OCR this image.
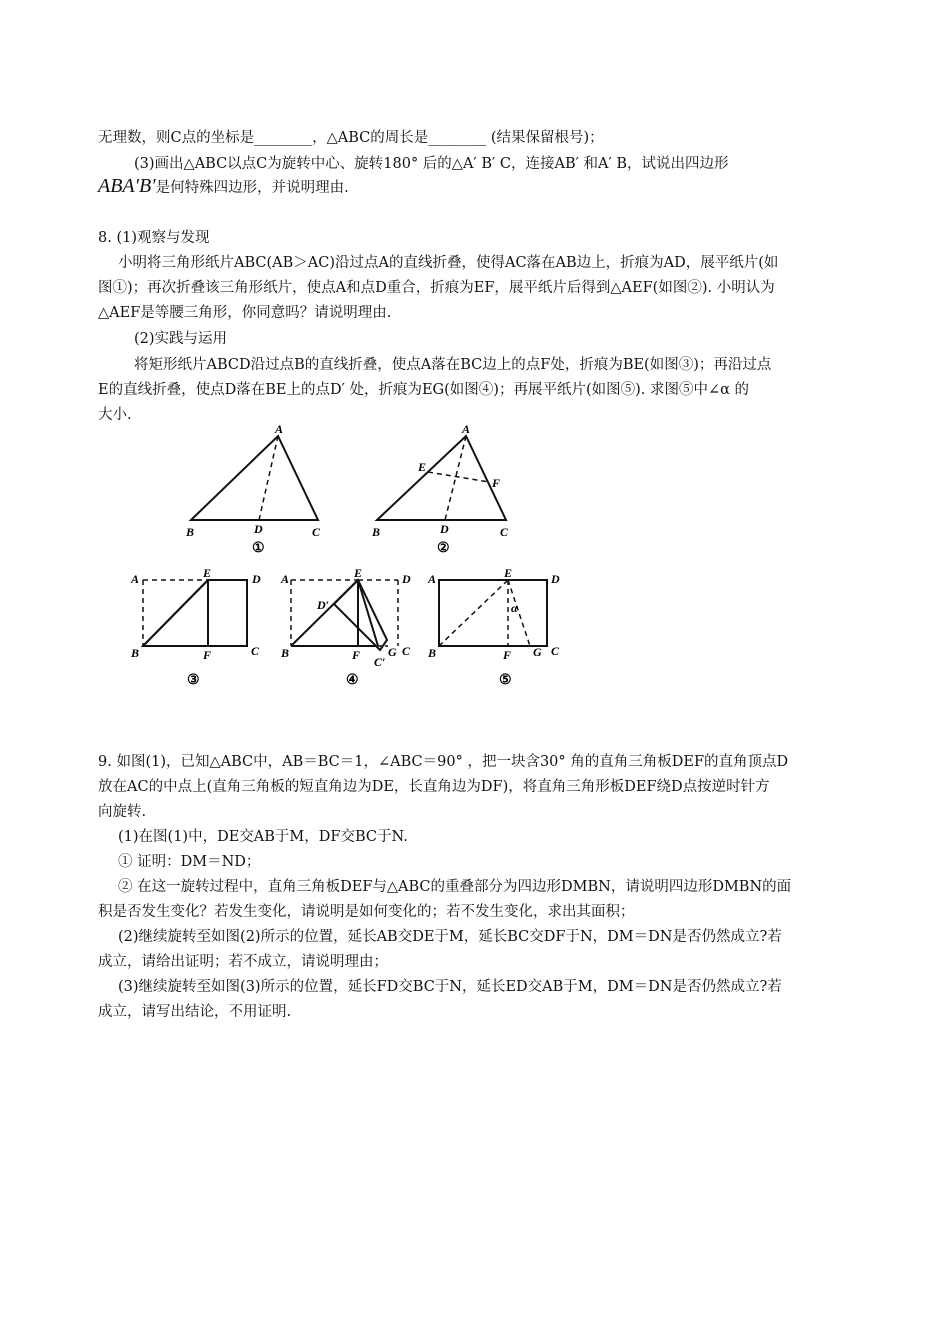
无理数，则C点的坐标是________，△ABC的周长是________ (结果保留根号)；
(3)画出△ABC以点C为旋转中心、旋转180° 后的△A′ B′ C，连接AB′ 和A′ B，试说出四边形
ABA′B′是何特殊四边形，并说明理由.
8. (1)观察与发现
小明将三角形纸片ABC(AB＞AC)沿过点A的直线折叠，使得AC落在AB边上，折痕为AD，展平纸片(如
图①)；再次折叠该三角形纸片，使点A和点D重合，折痕为EF，展平纸片后得到△AEF(如图②). 小明认为
△AEF是等腰三角形，你同意吗？请说明理由.
(2)实践与运用
将矩形纸片ABCD沿过点B的直线折叠，使点A落在BC边上的点F处，折痕为BE(如图③)；再沿过点
E的直线折叠，使点D落在BE上的点D′ 处，折痕为EG(如图④)；再展平纸片(如图⑤). 求图⑤中∠α 的
大小.
A
B	D	C
①
A
E
F
B	D	C
②
A	E	D
B	F	C
③
A	E	D
D′
B	F G C
C′
④
A	E	D
α
B	F G C
⑤
9. 如图(1)，已知△ABC中，AB＝BC＝1，∠ABC＝90° ，把一块含30° 角的直角三角板DEF的直角顶点D
放在AC的中点上(直角三角板的短直角边为DE，长直角边为DF)，将直角三角形板DEF绕D点按逆时针方
向旋转.
(1)在图(1)中，DE交AB于M，DF交BC于N.
① 证明：DM＝ND；
② 在这一旋转过程中，直角三角板DEF与△ABC的重叠部分为四边形DMBN，请说明四边形DMBN的面
积是否发生变化？若发生变化，请说明是如何变化的；若不发生变化，求出其面积；
(2)继续旋转至如图(2)所示的位置，延长AB交DE于M，延长BC交DF于N，DM＝DN是否仍然成立?若
成立，请给出证明；若不成立，请说明理由；
(3)继续旋转至如图(3)所示的位置，延长FD交BC于N，延长ED交AB于M，DM＝DN是否仍然成立?若
成立，请写出结论，不用证明.
